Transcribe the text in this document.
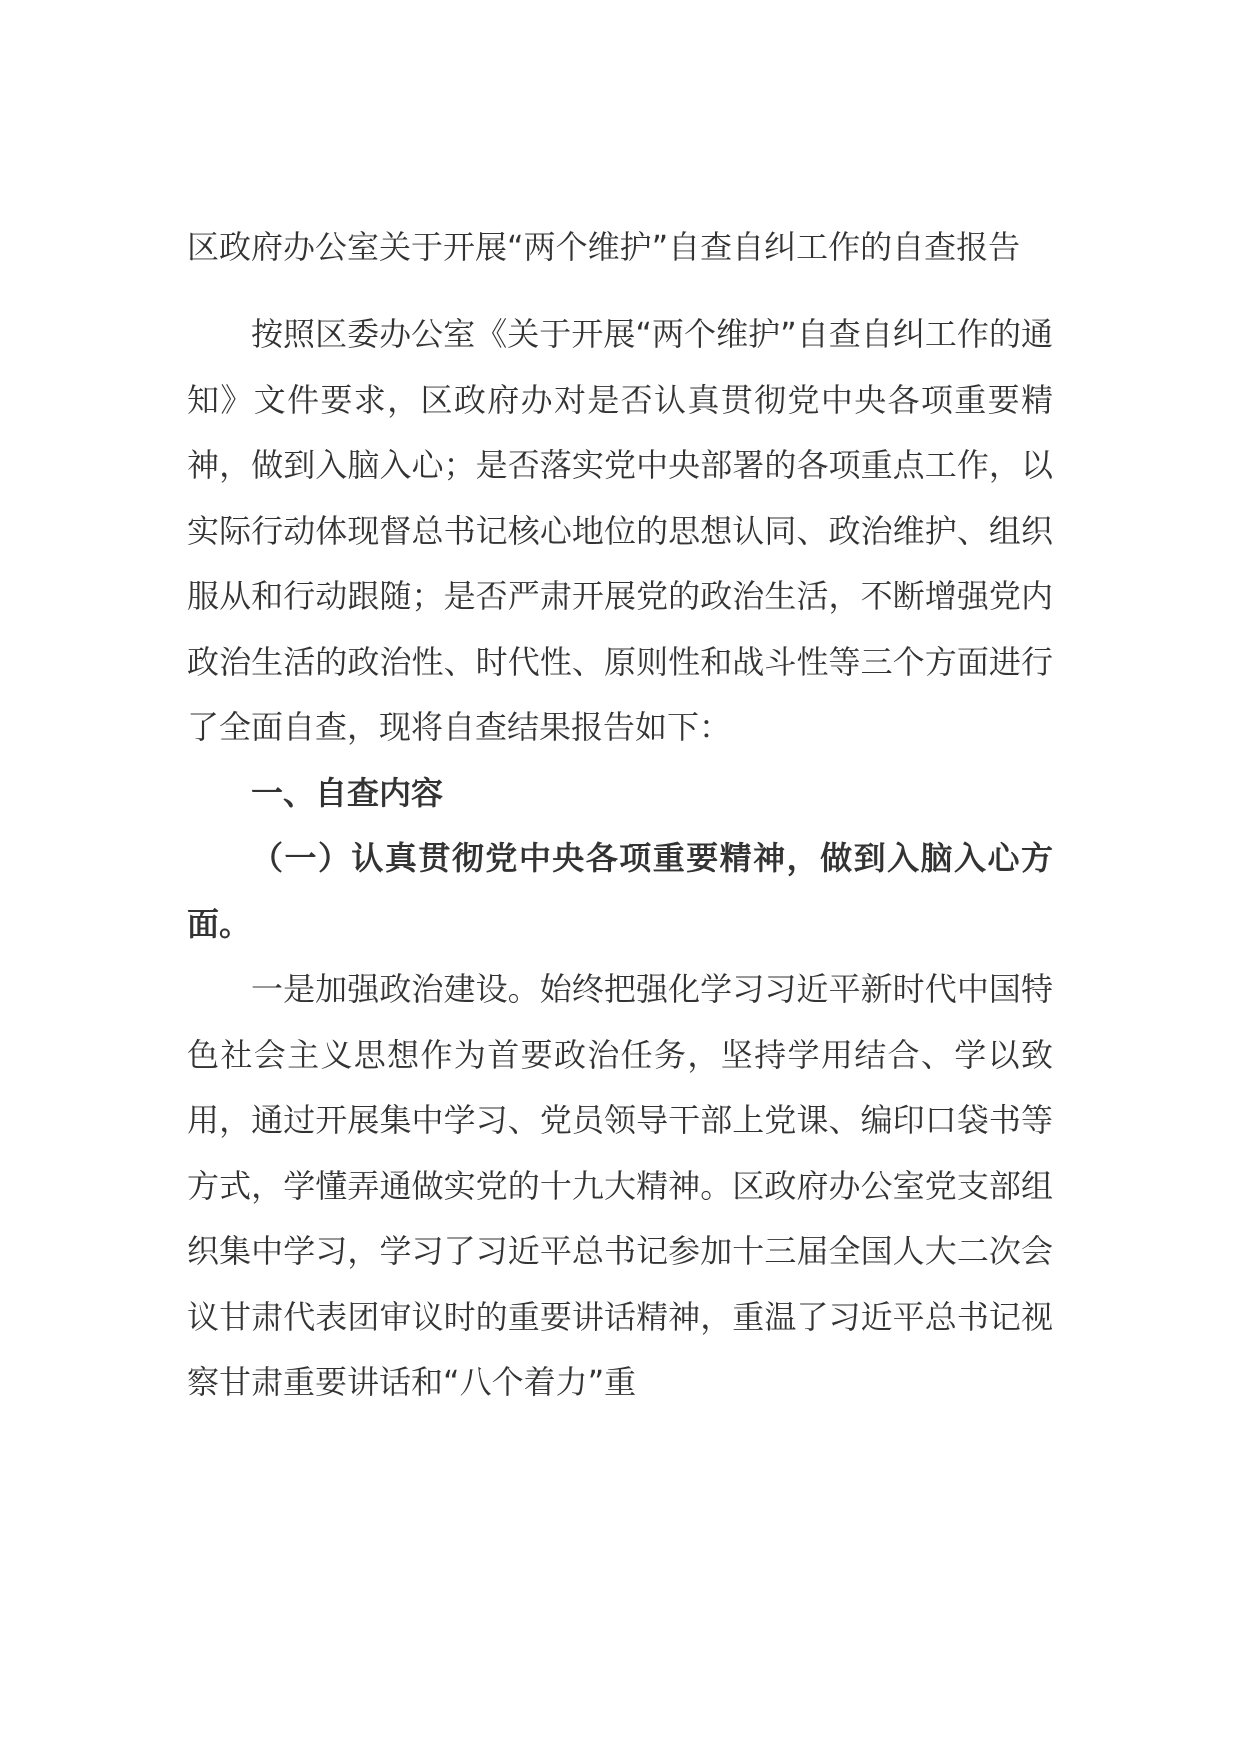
区政府办公室关于开展“两个维护”自查自纠工作的自查报告

按照区委办公室《关于开展“两个维护”自查自纠工作的通知》文件要求，区政府办对是否认真贯彻党中央各项重要精神，做到入脑入心；是否落实党中央部署的各项重点工作，以实际行动体现督总书记核心地位的思想认同、政治维护、组织服从和行动跟随；是否严肃开展党的政治生活，不断增强党内政治生活的政治性、时代性、原则性和战斗性等三个方面进行了全面自查，现将自查结果报告如下：

一、自查内容

（一）认真贯彻党中央各项重要精神，做到入脑入心方面。

一是加强政治建设。始终把强化学习习近平新时代中国特色社会主义思想作为首要政治任务，坚持学用结合、学以致用，通过开展集中学习、党员领导干部上党课、编印口袋书等方式，学懂弄通做实党的十九大精神。区政府办公室党支部组织集中学习，学习了习近平总书记参加十三届全国人大二次会议甘肃代表团审议时的重要讲话精神，重温了习近平总书记视察甘肃重要讲话和“八个着力”重
